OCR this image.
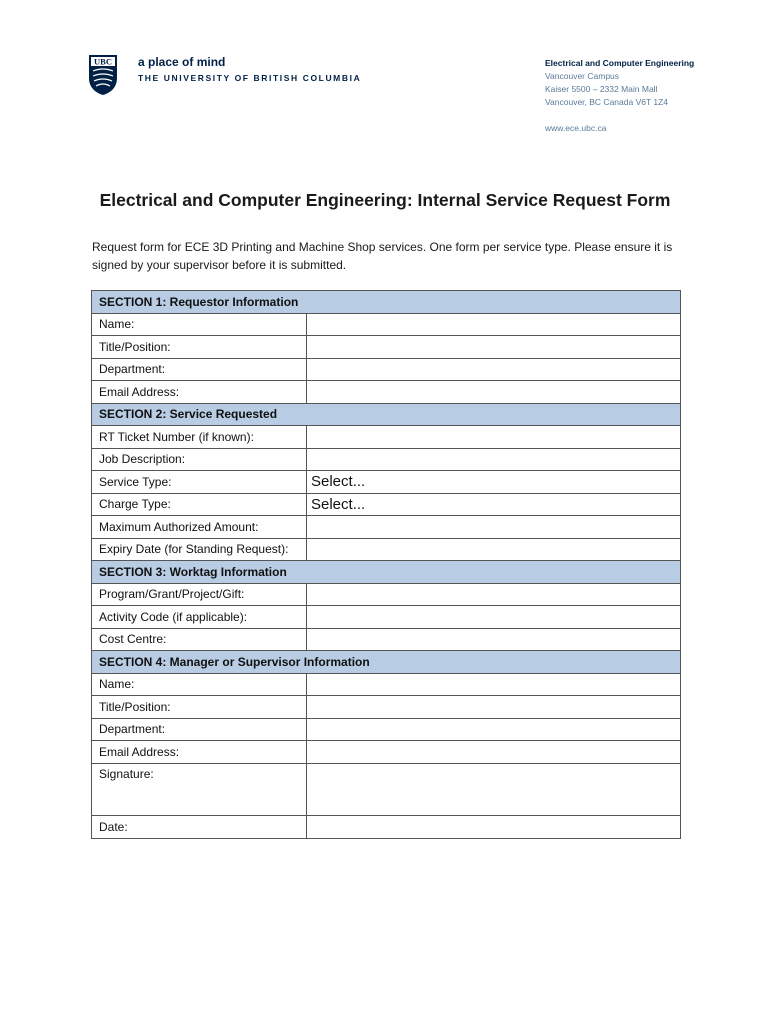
UBC a place of mind
THE UNIVERSITY OF BRITISH COLUMBIA
Electrical and Computer Engineering
Vancouver Campus
Kaiser 5500 – 2332 Main Mall
Vancouver, BC Canada V6T 1Z4
www.ece.ubc.ca
Electrical and Computer Engineering: Internal Service Request Form
Request form for ECE 3D Printing and Machine Shop services. One form per service type. Please ensure it is signed by your supervisor before it is submitted.
SECTION 1: Requestor Information
Name:
Title/Position:
Department:
Email Address:
SECTION 2: Service Requested
RT Ticket Number (if known):
Job Description:
Service Type:	Select...
Charge Type:	Select...
Maximum Authorized Amount:
Expiry Date (for Standing Request):
SECTION 3: Worktag Information
Program/Grant/Project/Gift:
Activity Code (if applicable):
Cost Centre:
SECTION 4: Manager or Supervisor Information
Name:
Title/Position:
Department:
Email Address:
Signature:
Date:
